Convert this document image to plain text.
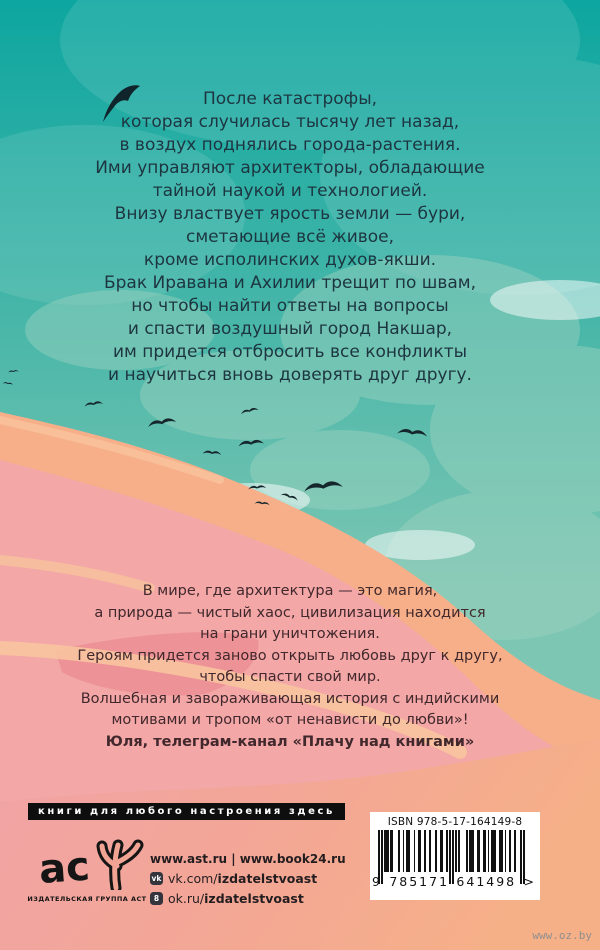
После катастрофы,
которая случилась тысячу лет назад,
в воздух поднялись города-растения.
Ими управляют архитекторы, обладающие
тайной наукой и технологией.
Внизу властвует ярость земли — бури,
сметающие всё живое,
кроме исполинских духов-якши.
Брак Иравана и Ахилии трещит по швам,
но чтобы найти ответы на вопросы
и спасти воздушный город Накшар,
им придется отбросить все конфликты
и научиться вновь доверять друг другу.
В мире, где архитектура — это магия,
а природа — чистый хаос, цивилизация находится
на грани уничтожения.
Героям придется заново открыть любовь друг к другу,
чтобы спасти свой мир.
Волшебная и завораживающая история с индийскими
мотивами и тропом «от ненависти до любви»!
Юля, телеграм-канал «Плачу над книгами»
книги для любого настроения здесь
ас
ИЗДАТЕЛЬСКАЯ ГРУППА АСТ
www.ast.ru | www.book24.ru
vk vk.com/izdatelstvoast
8 ok.ru/izdatelstvoast
ISBN 978-5-17-164149-8
9 785171 641498 >
www.oz.by
